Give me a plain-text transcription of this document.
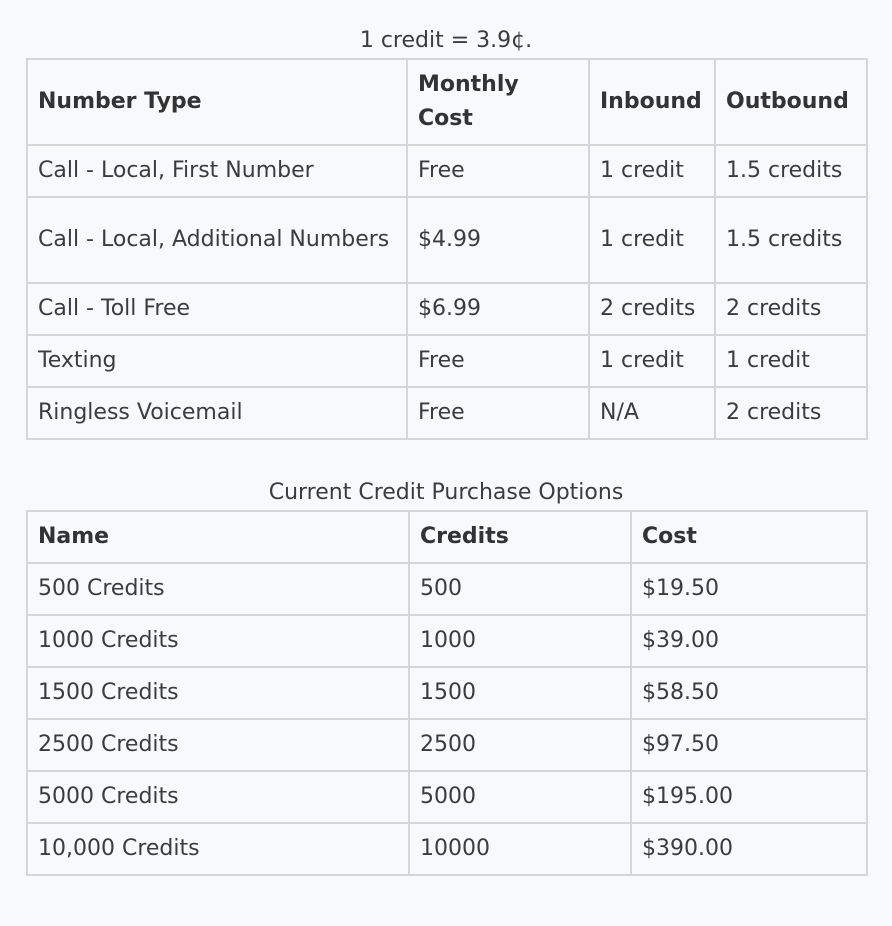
1 credit = 3.9¢.
Number Type	Monthly Cost	Inbound	Outbound
Call - Local, First Number	Free	1 credit	1.5 credits
Call - Local, Additional Numbers	$4.99	1 credit	1.5 credits
Call - Toll Free	$6.99	2 credits	2 credits
Texting	Free	1 credit	1 credit
Ringless Voicemail	Free	N/A	2 credits
Current Credit Purchase Options
Name	Credits	Cost
500 Credits	500	$19.50
1000 Credits	1000	$39.00
1500 Credits	1500	$58.50
2500 Credits	2500	$97.50
5000 Credits	5000	$195.00
10,000 Credits	10000	$390.00
